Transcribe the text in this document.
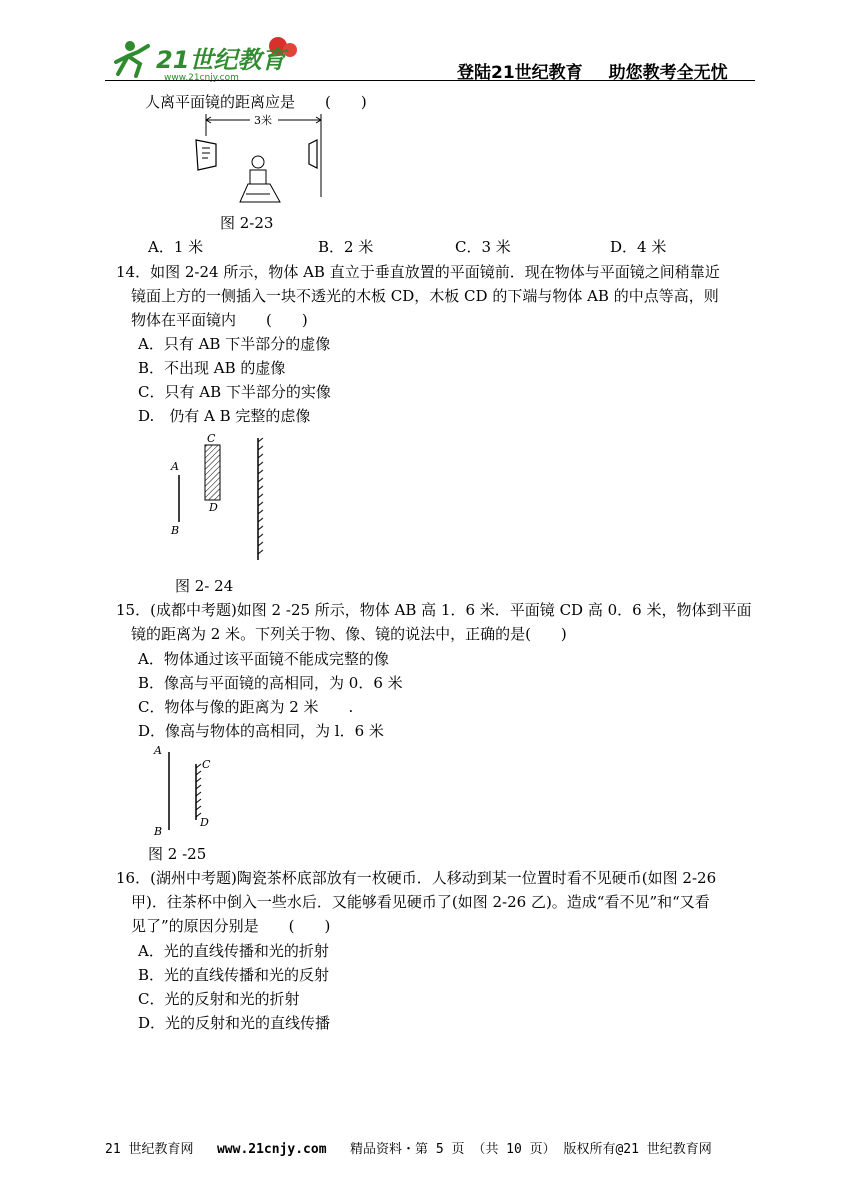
21世纪教育
www.21cnjy.com	登陆21世纪教育 助您教考全无忧
人离平面镜的距离应是　　(　　)
3米
图 2-23
A．1 米	B．2 米	C．3 米	D．4 米
14．如图 2-24 所示，物体 AB 直立于垂直放置的平面镜前．现在物体与平面镜之间稍靠近
镜面上方的一侧插入一块不透光的木板 CD，木板 CD 的下端与物体 AB 的中点等高，则
物体在平面镜内　　(　　)
A．只有 AB 下半部分的虚像
B．不出现 AB 的虚像
C．只有 AB 下半部分的实像
D.　仍有 A B 完整的虑像
A
B
C
D
图 2- 24
15．(成都中考题)如图 2 -25 所示，物体 AB 高 1．6 米．平面镜 CD 高 0．6 米，物体到平面
镜的距离为 2 米。下列关于物、像、镜的说法中，正确的是(　　)
A．物体通过该平面镜不能成完整的像
B．像高与平面镜的高相同，为 0．6 米
C．物体与像的距离为 2 米　　.
D．像高与物体的高相同，为 l．6 米
A
B
C
D
图 2 -25
16．(湖州中考题)陶瓷茶杯底部放有一枚硬币．人移动到某一位置时看不见硬币(如图 2-26
甲)．往茶杯中倒入一些水后．又能够看见硬币了(如图 2-26 乙)。造成“看不见”和“又看
见了”的原因分别是　　(　　)
A．光的直线传播和光的折射
B．光的直线传播和光的反射
C．光的反射和光的折射
D．光的反射和光的直线传播
21 世纪教育网 www.21cnjy.com 精品资料・第 5 页 （共 10 页） 版权所有@21 世纪教育网
